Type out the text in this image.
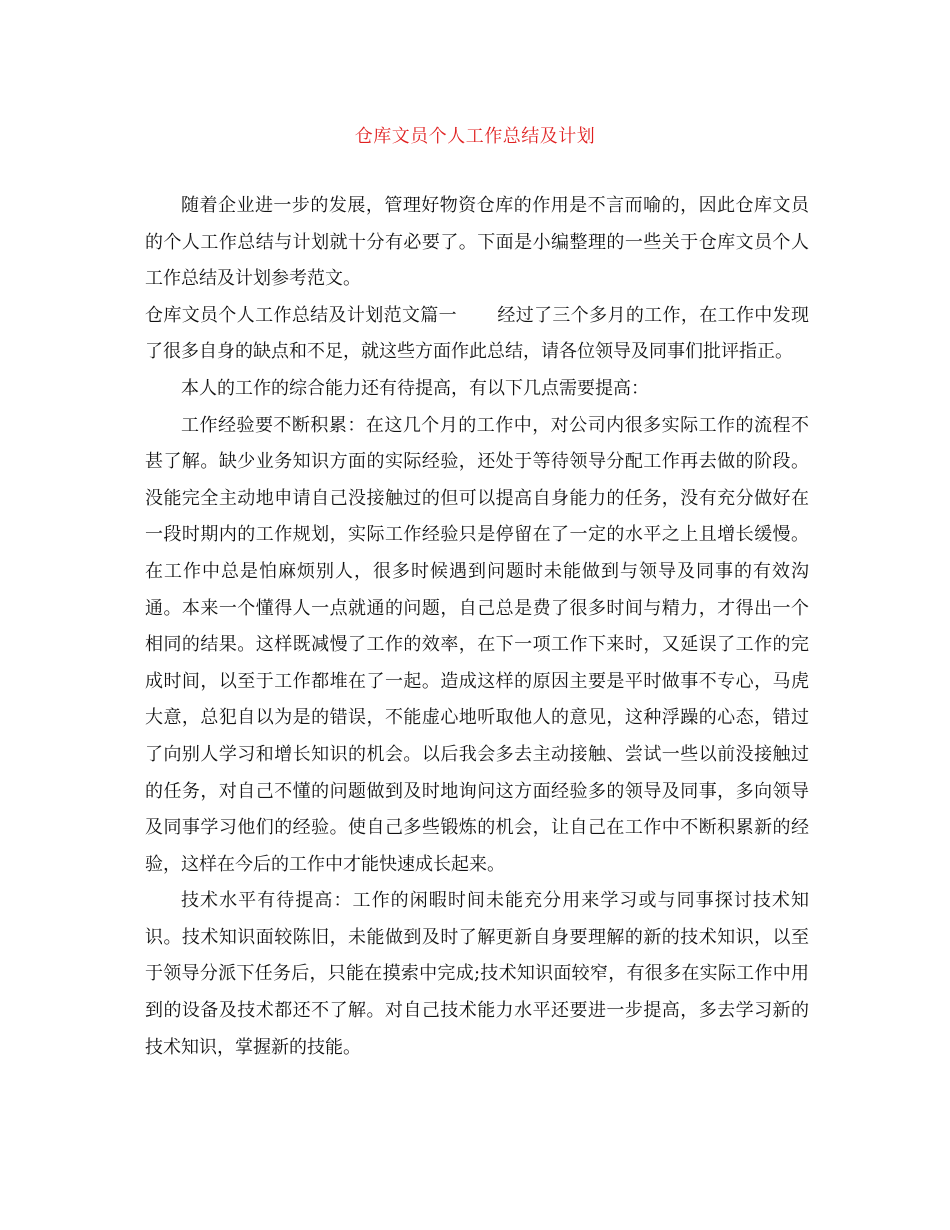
仓库文员个人工作总结及计划

随着企业进一步的发展，管理好物资仓库的作用是不言而喻的，因此仓库文员的个人工作总结与计划就十分有必要了。下面是小编整理的一些关于仓库文员个人工作总结及计划参考范文。

仓库文员个人工作总结及计划范文篇一 经过了三个多月的工作，在工作中发现了很多自身的缺点和不足，就这些方面作此总结，请各位领导及同事们批评指正。

本人的工作的综合能力还有待提高，有以下几点需要提高：

工作经验要不断积累：在这几个月的工作中，对公司内很多实际工作的流程不甚了解。缺少业务知识方面的实际经验，还处于等待领导分配工作再去做的阶段。没能完全主动地申请自己没接触过的但可以提高自身能力的任务，没有充分做好在一段时期内的工作规划，实际工作经验只是停留在了一定的水平之上且增长缓慢。在工作中总是怕麻烦别人，很多时候遇到问题时未能做到与领导及同事的有效沟通。本来一个懂得人一点就通的问题，自己总是费了很多时间与精力，才得出一个相同的结果。这样既减慢了工作的效率，在下一项工作下来时，又延误了工作的完成时间，以至于工作都堆在了一起。造成这样的原因主要是平时做事不专心，马虎大意，总犯自以为是的错误，不能虚心地听取他人的意见，这种浮躁的心态，错过了向别人学习和增长知识的机会。以后我会多去主动接触、尝试一些以前没接触过的任务，对自己不懂的问题做到及时地询问这方面经验多的领导及同事，多向领导及同事学习他们的经验。使自己多些锻炼的机会，让自己在工作中不断积累新的经验，这样在今后的工作中才能快速成长起来。

技术水平有待提高：工作的闲暇时间未能充分用来学习或与同事探讨技术知识。技术知识面较陈旧，未能做到及时了解更新自身要理解的新的技术知识，以至于领导分派下任务后，只能在摸索中完成;技术知识面较窄，有很多在实际工作中用到的设备及技术都还不了解。对自己技术能力水平还要进一步提高，多去学习新的技术知识，掌握新的技能。
